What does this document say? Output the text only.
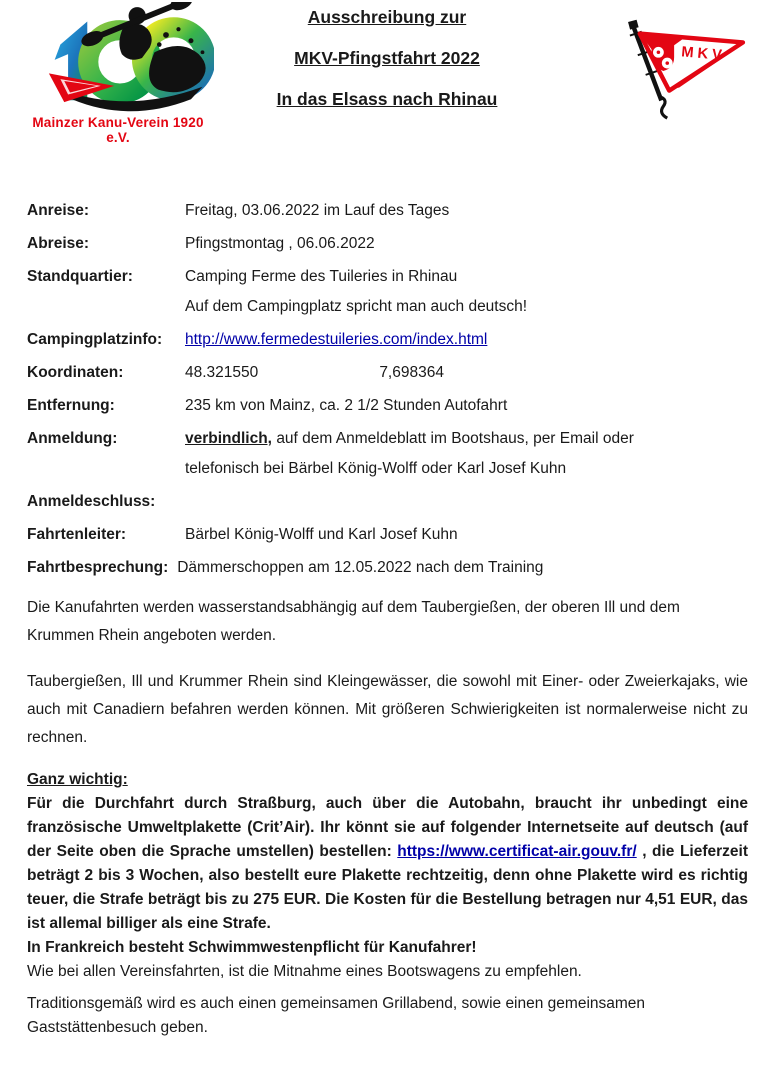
Mainzer Kanu-Verein 1920 e.V.
Ausschreibung zur
MKV-Pfingstfahrt 2022
In das Elsass nach Rhinau
MKV
Anreise:	Freitag, 03.06.2022 im Lauf des Tages
Abreise:	Pfingstmontag , 06.06.2022
Standquartier:	Camping Ferme des Tuileries in Rhinau
Auf dem Campingplatz spricht man auch deutsch!
Campingplatzinfo:	http://www.fermedestuileries.com/index.html
Koordinaten:	48.321550	7,698364
Entfernung:	235 km von Mainz, ca. 2 1/2 Stunden Autofahrt
Anmeldung:	verbindlich, auf dem Anmeldeblatt im Bootshaus, per Email oder
telefonisch bei Bärbel König-Wolff oder Karl Josef Kuhn
Anmeldeschluss:
Fahrtenleiter:	Bärbel König-Wolff und Karl Josef Kuhn
Fahrtbesprechung: Dämmerschoppen am 12.05.2022 nach dem Training
Die Kanufahrten werden wasserstandsabhängig auf dem Taubergießen, der oberen Ill und dem Krummen Rhein angeboten werden.
Taubergießen, Ill und Krummer Rhein sind Kleingewässer, die sowohl mit Einer- oder Zweierkajaks, wie auch mit Canadiern befahren werden können. Mit größeren Schwierigkeiten ist normalerweise nicht zu rechnen.
Ganz wichtig:
Für die Durchfahrt durch Straßburg, auch über die Autobahn, braucht ihr unbedingt eine französische Umweltplakette (Crit’Air). Ihr könnt sie auf folgender Internetseite auf deutsch (auf der Seite oben die Sprache umstellen) bestellen: https://www.certificat-air.gouv.fr/ , die Lieferzeit beträgt 2 bis 3 Wochen, also bestellt eure Plakette rechtzeitig, denn ohne Plakette wird es richtig teuer, die Strafe beträgt bis zu 275 EUR. Die Kosten für die Bestellung betragen nur 4,51 EUR, das ist allemal billiger als eine Strafe.
In Frankreich besteht Schwimmwestenpflicht für Kanufahrer!
Wie bei allen Vereinsfahrten, ist die Mitnahme eines Bootswagens zu empfehlen.
Traditionsgemäß wird es auch einen gemeinsamen Grillabend, sowie einen gemeinsamen Gaststättenbesuch geben.
